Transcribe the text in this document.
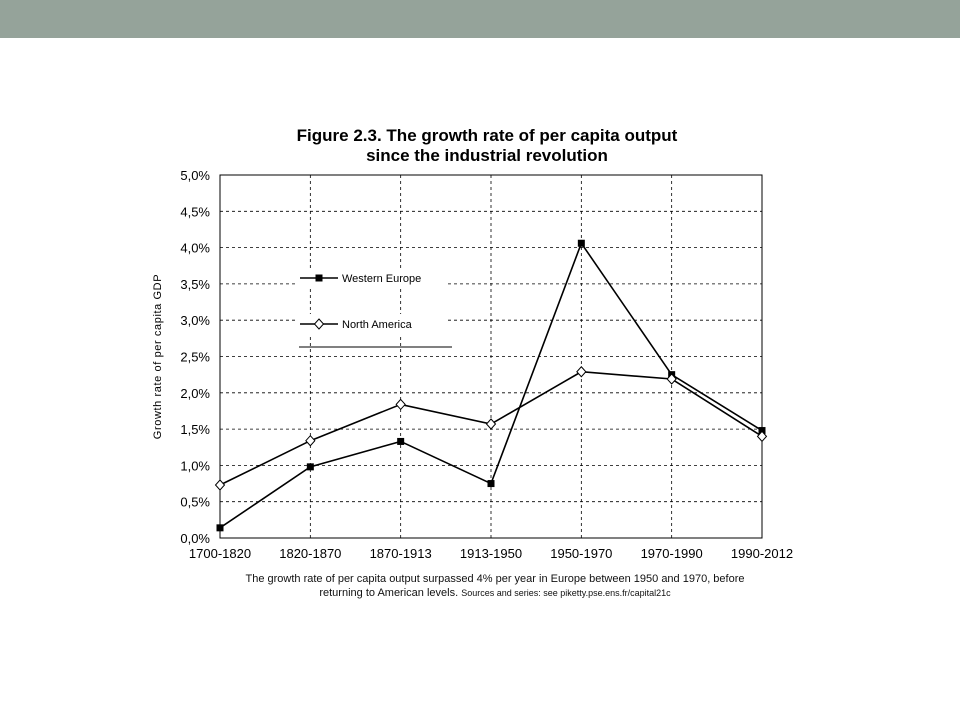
Figure 2.3. The growth rate of per capita output
since the industrial revolution
0,0%
0,5%
1,0%
1,5%
2,0%
2,5%
3,0%
3,5%
4,0%
4,5%
5,0%
1700-1820 1820-1870 1870-1913 1913-1950 1950-1970 1970-1990 1990-2012
Growth rate of per capita GDP	Western Europe
North America
The growth rate of per capita output surpassed 4% per year in Europe between 1950 and 1970, before
returning to American levels. Sources and series: see piketty.pse.ens.fr/capital21c
